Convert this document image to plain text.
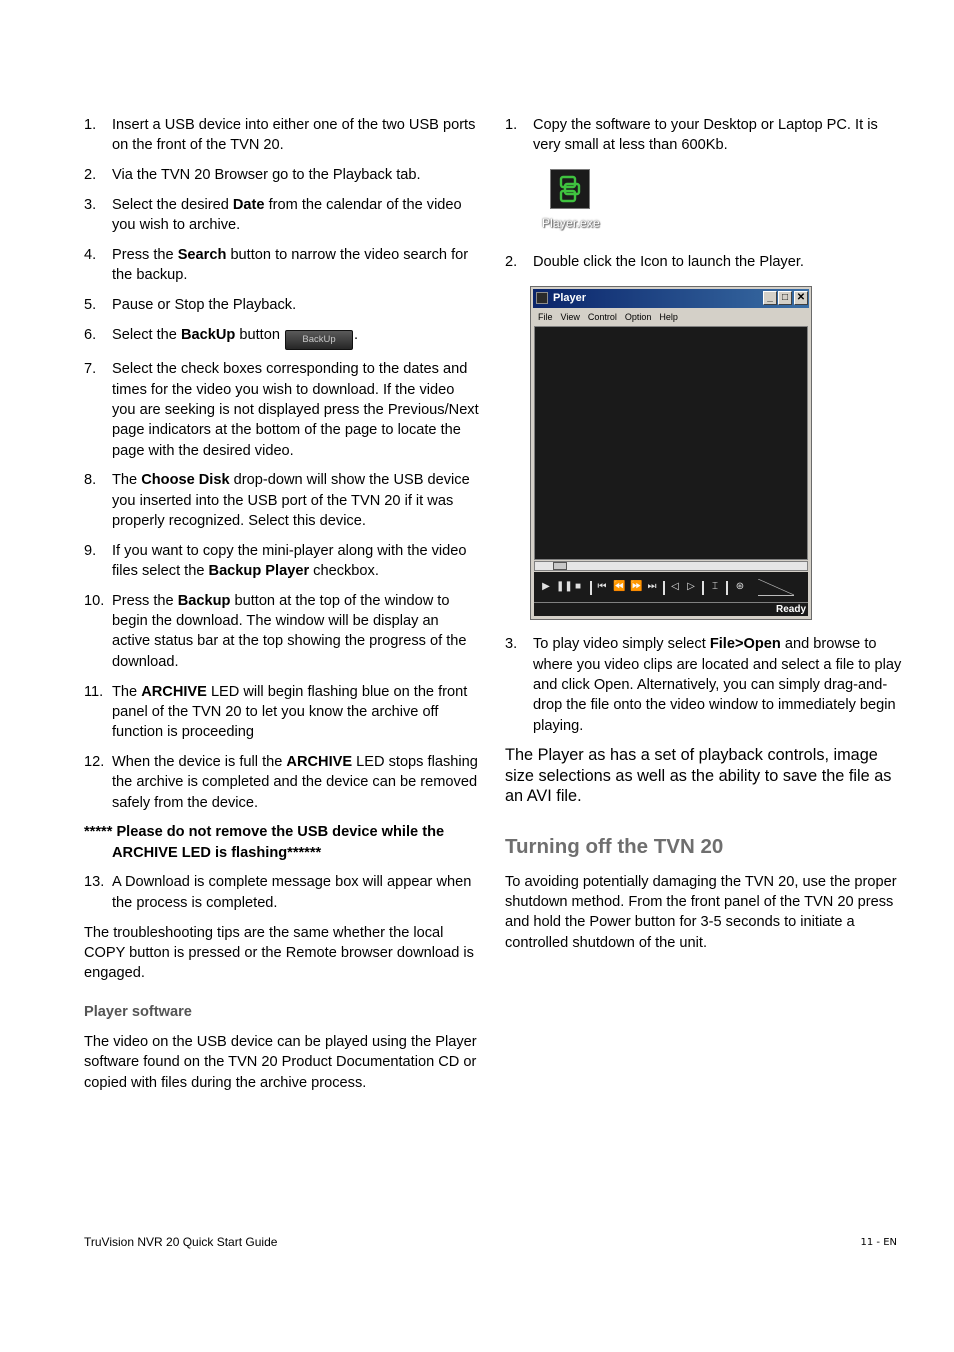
1. Insert a USB device into either one of the two USB ports on the front of the TVN 20.
2. Via the TVN 20 Browser go to the Playback tab.
3. Select the desired Date from the calendar of the video you wish to archive.
4. Press the Search button to narrow the video search for the backup.
5. Pause or Stop the Playback.
6. Select the BackUp button BackUp .
7. Select the check boxes corresponding to the dates and times for the video you wish to download. If the video you are seeking is not displayed press the Previous/Next page indicators at the bottom of the page to locate the page with the desired video.
8. The Choose Disk drop-down will show the USB device you inserted into the USB port of the TVN 20 if it was properly recognized. Select this device.
9. If you want to copy the mini-player along with the video files select the Backup Player checkbox.
10. Press the Backup button at the top of the window to begin the download. The window will be display an active status bar at the top showing the progress of the download.
11. The ARCHIVE LED will begin flashing blue on the front panel of the TVN 20 to let you know the archive off function is proceeding
12. When the device is full the ARCHIVE LED stops flashing the archive is completed and the device can be removed safely from the device.

***** Please do not remove the USB device while the ARCHIVE LED is flashing******

13. A Download is complete message box will appear when the process is completed.

The troubleshooting tips are the same whether the local COPY button is pressed or the Remote browser download is engaged.

Player software

The video on the USB device can be played using the Player software found on the TVN 20 Product Documentation CD or copied with files during the archive process.

1. Copy the software to your Desktop or Laptop PC. It is very small at less than 600Kb.
Player.exe
2. Double click the Icon to launch the Player.
Player	_ □ ✕
File View Control Option Help
▶ ❚❚ ■ ⏮ ⏪ ⏩ ⏭ ◁ ▷	⌶	⊛
Ready
3. To play video simply select File>Open and browse to where you video clips are located and select a file to play and click Open. Alternatively, you can simply drag-and-drop the file onto the video window to immediately begin playing.

The Player as has a set of playback controls, image size selections as well as the ability to save the file as an AVI file.

Turning off the TVN 20

To avoiding potentially damaging the TVN 20, use the proper shutdown method. From the front panel of the TVN 20 press and hold the Power button for 3-5 seconds to initiate a controlled shutdown of the unit.

TruVision NVR 20 Quick Start Guide	11 - EN
